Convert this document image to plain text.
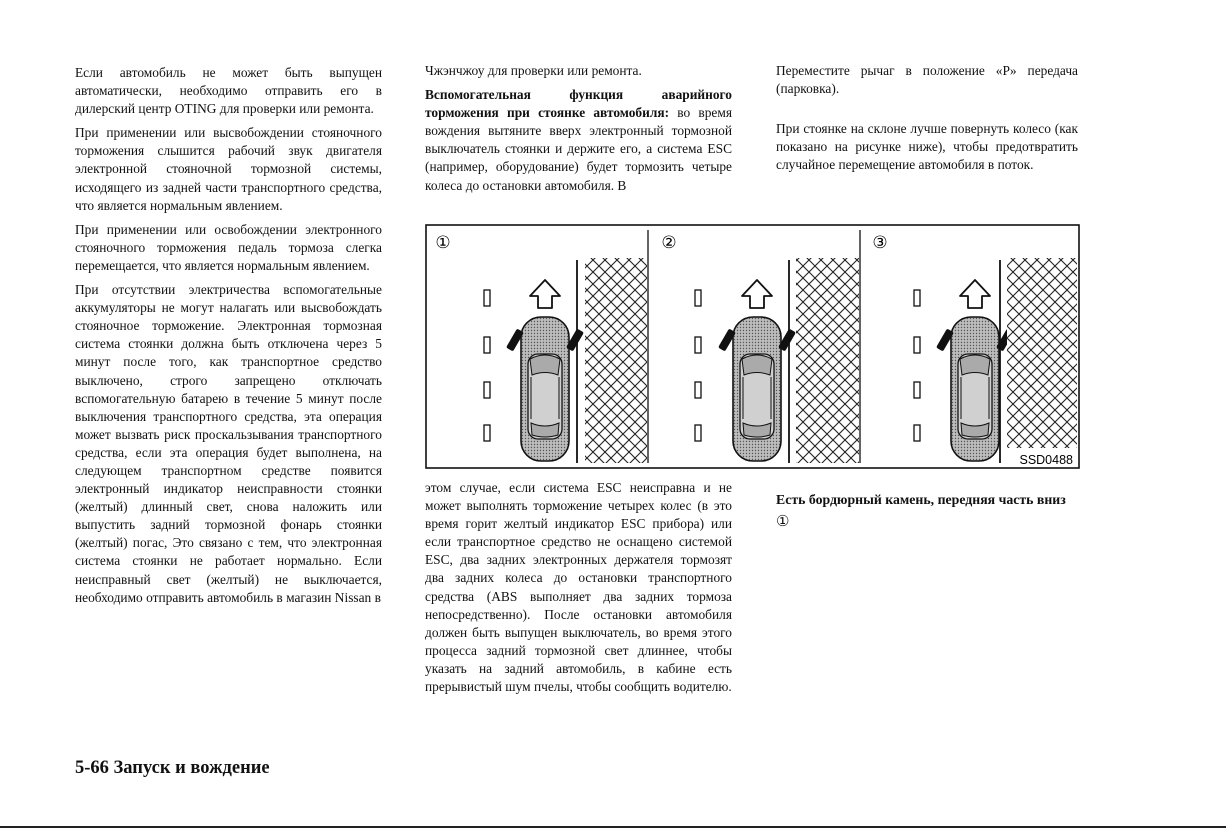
Если автомобиль не может быть выпущен автоматически, необходимо отправить его в дилерский центр OTING для проверки или ремонта.

При применении или высвобождении стояночного торможения слышится рабочий звук двигателя электронной стояночной тормозной системы, исходящего из задней части транспортного средства, что является нормальным явлением.

При применении или освобождении электронного стояночного торможения педаль тормоза слегка перемещается, что является нормальным явлением.

При отсутствии электричества вспомогательные аккумуляторы не могут налагать или высвобождать стояночное торможение. Электронная тормозная система стоянки должна быть отключена через 5 минут после того, как транспортное средство выключено, строго запрещено отключать вспомогательную батарею в течение 5 минут после выключения транспортного средства, эта операция может вызвать риск проскальзывания транспортного средства, если эта операция будет выполнена, на следующем транспортном средстве появится электронный индикатор неисправности стоянки (желтый) длинный свет, снова наложить или выпустить задний тормозной фонарь стоянки (желтый) погас, Это связано с тем, что электронная система стоянки не работает нормально. Если неисправный свет (желтый) не выключается, необходимо отправить автомобиль в магазин Nissan в

Чжэнчжоу для проверки или ремонта.

Вспомогательная функция аварийного торможения при стоянке автомобиля: во время вождения вытяните вверх электронный тормозной выключатель стоянки и держите его, а система ESC (например, оборудование) будет тормозить четыре колеса до остановки автомобиля. В

①	②	③
SSD0488

этом случае, если система ESC неисправна и не может выполнять торможение четырех колес (в это время горит желтый индикатор ESC прибора) или если транспортное средство не оснащено системой ESC, два задних электронных держателя тормозят два задних колеса до остановки транспортного средства (ABS выполняет два задних тормоза непосредственно). После остановки автомобиля должен быть выпущен выключатель, во время этого процесса задний тормозной свет длиннее, чтобы указать на задний автомобиль, в кабине есть прерывистый шум пчелы, чтобы сообщить водителю.

Переместите рычаг в положение «P» передача (парковка).

При стоянке на склоне лучше повернуть колесо (как показано на рисунке ниже), чтобы предотвратить случайное перемещение автомобиля в поток.

Есть бордюрный камень, передняя часть вниз ①
5-66 Запуск и вождение
